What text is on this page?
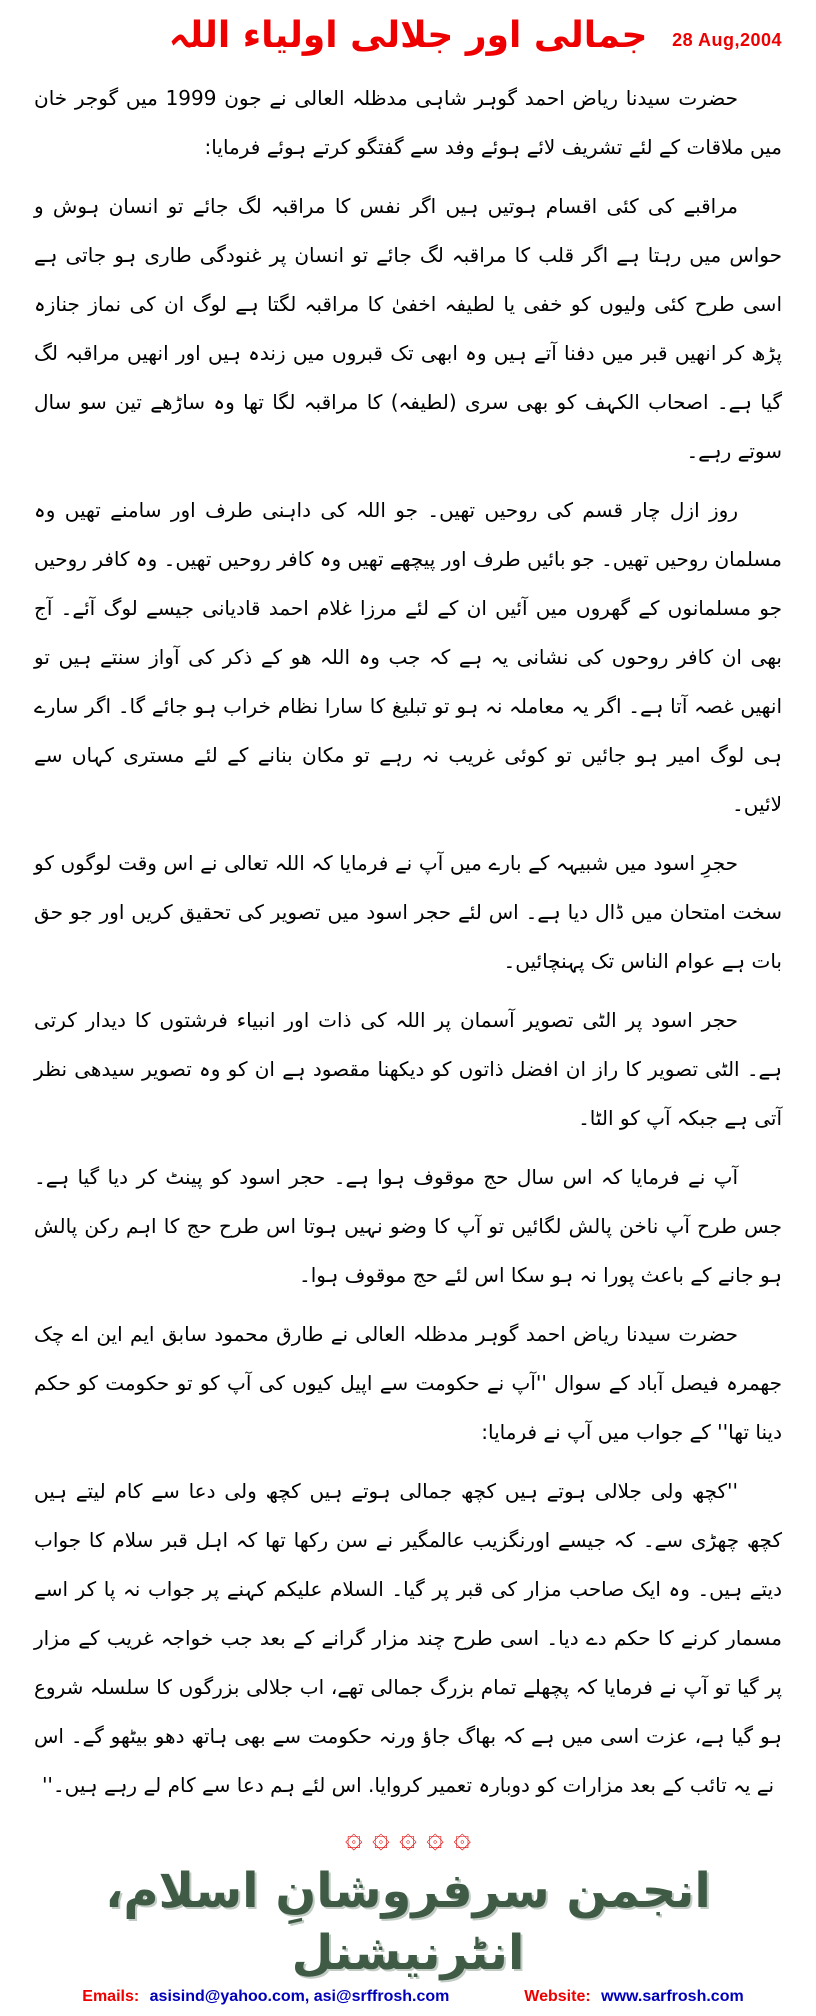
جمالی اور جلالی اولیاء اللہ	28 Aug,2004

حضرت سیدنا ریاض احمد گوہر شاہی مدظلہ العالی نے جون 1999 میں گوجر خان میں ملاقات کے لئے تشریف لائے ہوئے وفد سے گفتگو کرتے ہوئے فرمایا:

مراقبے کی کئی اقسام ہوتیں ہیں اگر نفس کا مراقبہ لگ جائے تو انسان ہوش و حواس میں رہتا ہے اگر قلب کا مراقبہ لگ جائے تو انسان پر غنودگی طاری ہو جاتی ہے اسی طرح کئی ولیوں کو خفی یا لطیفہ اخفیٰ کا مراقبہ لگتا ہے لوگ ان کی نماز جنازہ پڑھ کر انھیں قبر میں دفنا آتے ہیں وہ ابھی تک قبروں میں زندہ ہیں اور انھیں مراقبہ لگ گیا ہے۔ اصحاب الکہف کو بھی سری (لطیفہ) کا مراقبہ لگا تھا وہ ساڑھے تین سو سال سوتے رہے۔

روز ازل چار قسم کی روحیں تھیں۔ جو اللہ کی داہنی طرف اور سامنے تھیں وہ مسلمان روحیں تھیں۔ جو بائیں طرف اور پیچھے تھیں وہ کافر روحیں تھیں۔ وہ کافر روحیں جو مسلمانوں کے گھروں میں آئیں ان کے لئے مرزا غلام احمد قادیانی جیسے لوگ آئے۔ آج بھی ان کافر روحوں کی نشانی یہ ہے کہ جب وہ اللہ ھو کے ذکر کی آواز سنتے ہیں تو انھیں غصہ آتا ہے۔ اگر یہ معاملہ نہ ہو تو تبلیغ کا سارا نظام خراب ہو جائے گا۔ اگر سارے ہی لوگ امیر ہو جائیں تو کوئی غریب نہ رہے تو مکان بنانے کے لئے مستری کہاں سے لائیں۔

حجرِ اسود میں شبیہہ کے بارے میں آپ نے فرمایا کہ اللہ تعالی نے اس وقت لوگوں کو سخت امتحان میں ڈال دیا ہے۔ اس لئے حجر اسود میں تصویر کی تحقیق کریں اور جو حق بات ہے عوام الناس تک پہنچائیں۔

حجر اسود پر الٹی تصویر آسمان پر اللہ کی ذات اور انبیاء فرشتوں کا دیدار کرتی ہے۔ الٹی تصویر کا راز ان افضل ذاتوں کو دیکھنا مقصود ہے ان کو وہ تصویر سیدھی نظر آتی ہے جبکہ آپ کو الٹا۔

آپ نے فرمایا کہ اس سال حج موقوف ہوا ہے۔ حجر اسود کو پینٹ کر دیا گیا ہے۔ جس طرح آپ ناخن پالش لگائیں تو آپ کا وضو نہیں ہوتا اس طرح حج کا اہم رکن پالش ہو جانے کے باعث پورا نہ ہو سکا اس لئے حج موقوف ہوا۔

حضرت سیدنا ریاض احمد گوہر مدظلہ العالی نے طارق محمود سابق ایم این اے چک جھمرہ فیصل آباد کے سوال ''آپ نے حکومت سے اپیل کیوں کی آپ کو تو حکومت کو حکم دینا تھا'' کے جواب میں آپ نے فرمایا:

''کچھ ولی جلالی ہوتے ہیں کچھ جمالی ہوتے ہیں کچھ ولی دعا سے کام لیتے ہیں کچھ چھڑی سے۔ کہ جیسے اورنگزیب عالمگیر نے سن رکھا تھا کہ اہل قبر سلام کا جواب دیتے ہیں۔ وہ ایک صاحب مزار کی قبر پر گیا۔ السلام علیکم کہنے پر جواب نہ پا کر اسے مسمار کرنے کا حکم دے دیا۔ اسی طرح چند مزار گرانے کے بعد جب خواجہ غریب کے مزار پر گیا تو آپ نے فرمایا کہ پچھلے تمام بزرگ جمالی تھے، اب جلالی بزرگوں کا سلسلہ شروع ہو گیا ہے، عزت اسی میں ہے کہ بھاگ جاؤ ورنہ حکومت سے بھی ہاتھ دھو بیٹھو گے۔ اس نے یہ تائب کے بعد مزارات کو دوبارہ تعمیر کروایا. اس لئے ہم دعا سے کام لے رہے ہیں۔''

۞ ۞ ۞ ۞ ۞
انجمن سرفروشانِ اسلام، انٹرنیشنل
Emails: asisind@yahoo.com, asi@srffrosh.com	Website: www.sarfrosh.com
